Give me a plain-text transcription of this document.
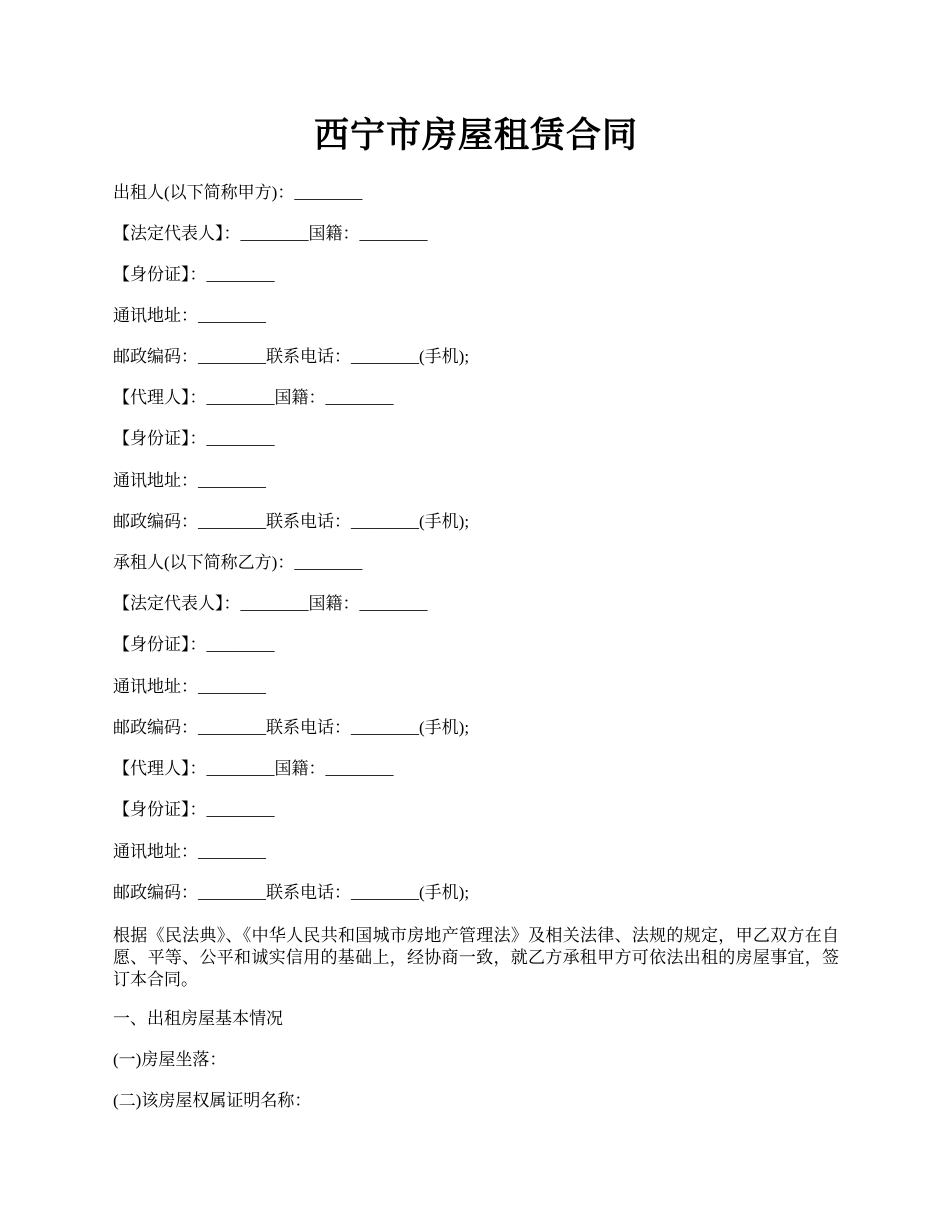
西宁市房屋租赁合同
出租人(以下简称甲方)：________
【法定代表人】：________国籍：________
【身份证】：________
通讯地址：________
邮政编码：________联系电话：________(手机);
【代理人】：________国籍：________
【身份证】：________
通讯地址：________
邮政编码：________联系电话：________(手机);
承租人(以下简称乙方)：________
【法定代表人】：________国籍：________
【身份证】：________
通讯地址：________
邮政编码：________联系电话：________(手机);
【代理人】：________国籍：________
【身份证】：________
通讯地址：________
邮政编码：________联系电话：________(手机);
根据《民法典》、《中华人民共和国城市房地产管理法》及相关法律、法规的规定，甲乙双方在自愿、平等、公平和诚实信用的基础上，经协商一致，就乙方承租甲方可依法出租的房屋事宜，签订本合同。
一、出租房屋基本情况
(一)房屋坐落：
(二)该房屋权属证明名称：
